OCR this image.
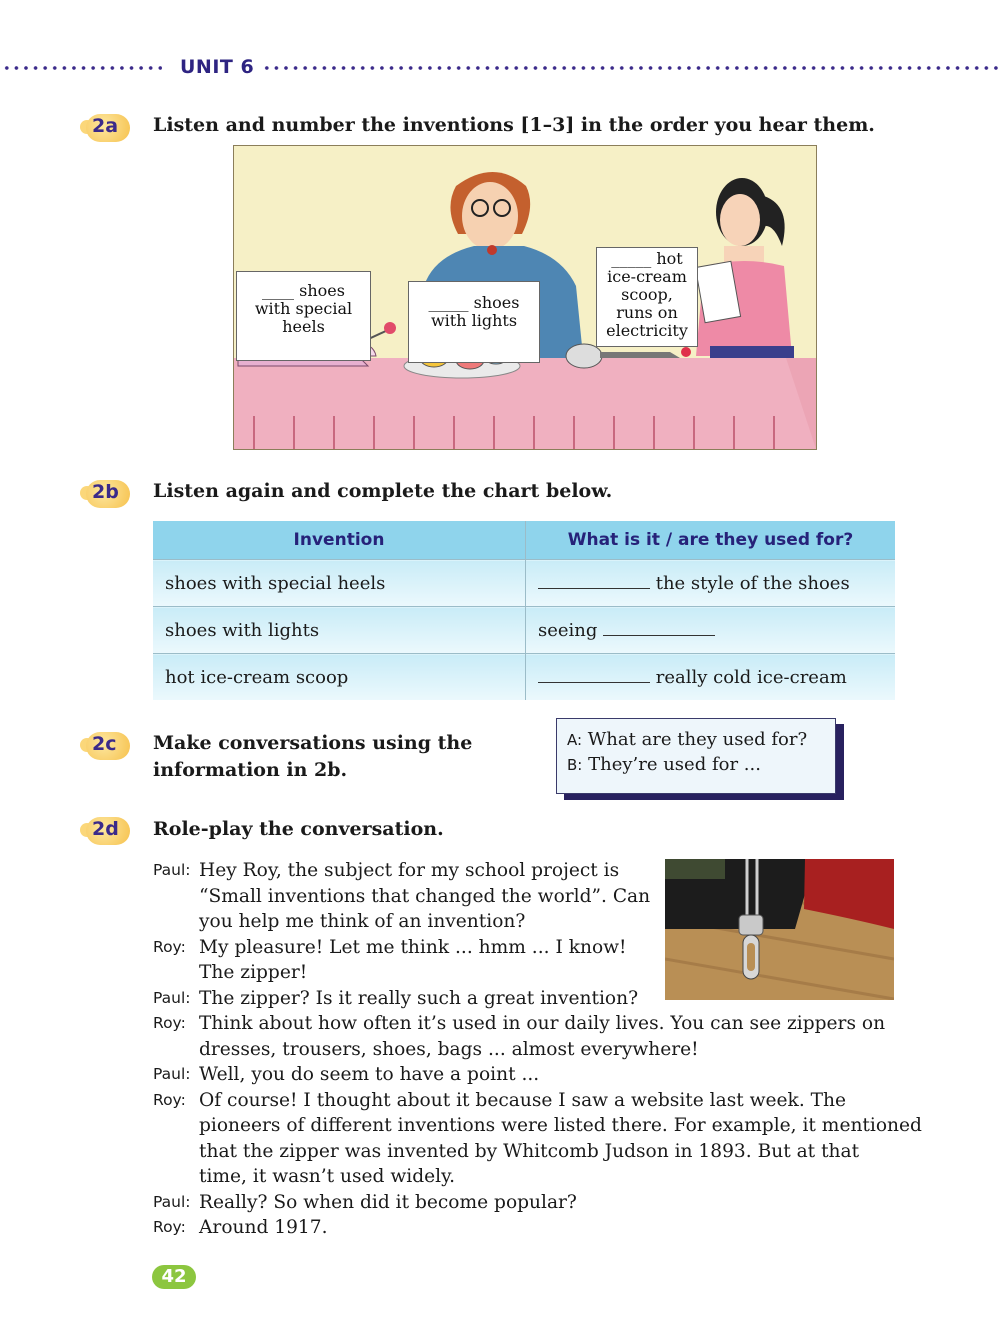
UNIT 6
2a Listen and number the inventions [1–3] in the order you hear them.
____ shoes
with special
heels
_____ shoes
with lights
_____ hot
ice-cream
scoop,
runs on
electricity
2b Listen again and complete the chart below.
Invention	What is it / are they used for?
shoes with special heels	the style of the shoes
shoes with lights	seeing
hot ice-cream scoop	really cold ice-cream
2c Make conversations using the
information in 2b.
A: What are they used for?
B: They’re used for ...
2d Role-play the conversation.
Paul: Hey Roy, the subject for my school project is
“Small inventions that changed the world”. Can
you help me think of an invention?
Roy: My pleasure! Let me think ... hmm ... I know!
The zipper!
Paul: The zipper? Is it really such a great invention?
Roy: Think about how often it’s used in our daily lives. You can see zippers on
dresses, trousers, shoes, bags ... almost everywhere!
Paul: Well, you do seem to have a point ...
Roy: Of course! I thought about it because I saw a website last week. The
pioneers of different inventions were listed there. For example, it mentioned
that the zipper was invented by Whitcomb Judson in 1893. But at that
time, it wasn’t used widely.
Paul: Really? So when did it become popular?
Roy: Around 1917.
42
